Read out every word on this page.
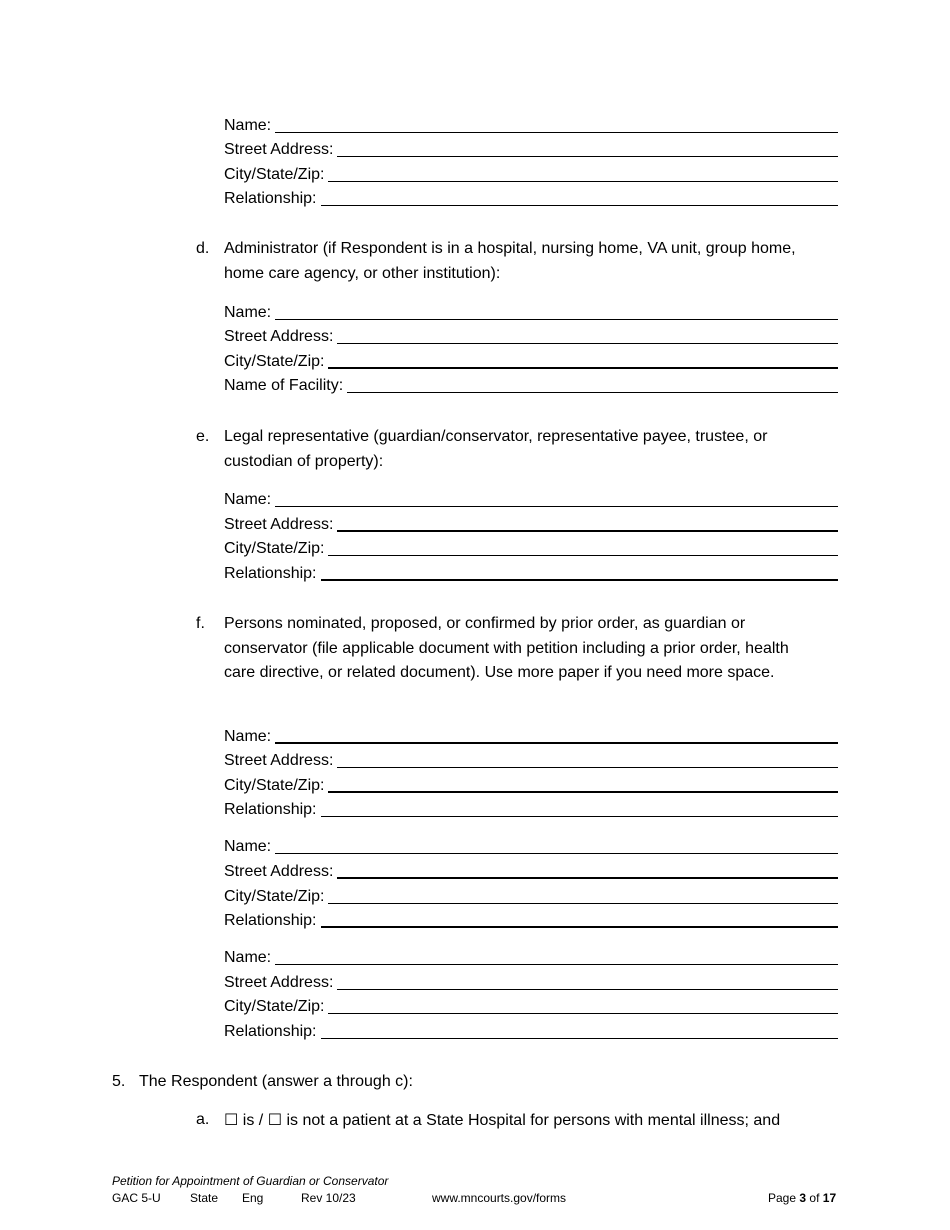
Name:
Street Address:
City/State/Zip:
Relationship:
d. Administrator (if Respondent is in a hospital, nursing home, VA unit, group home, home care agency, or other institution):
Name:
Street Address:
City/State/Zip:
Name of Facility:
e. Legal representative (guardian/conservator, representative payee, trustee, or custodian of property):
Name:
Street Address:
City/State/Zip:
Relationship:
f. Persons nominated, proposed, or confirmed by prior order, as guardian or conservator (file applicable document with petition including a prior order, health care directive, or related document). Use more paper if you need more space.
Name:
Street Address:
City/State/Zip:
Relationship:
Name:
Street Address:
City/State/Zip:
Relationship:
Name:
Street Address:
City/State/Zip:
Relationship:
5. The Respondent (answer a through c):
a. ☐ is / ☐ is not a patient at a State Hospital for persons with mental illness; and
Petition for Appointment of Guardian or Conservator
GAC 5-U State Eng	Rev 10/23	www.mncourts.gov/forms	Page 3 of 17
